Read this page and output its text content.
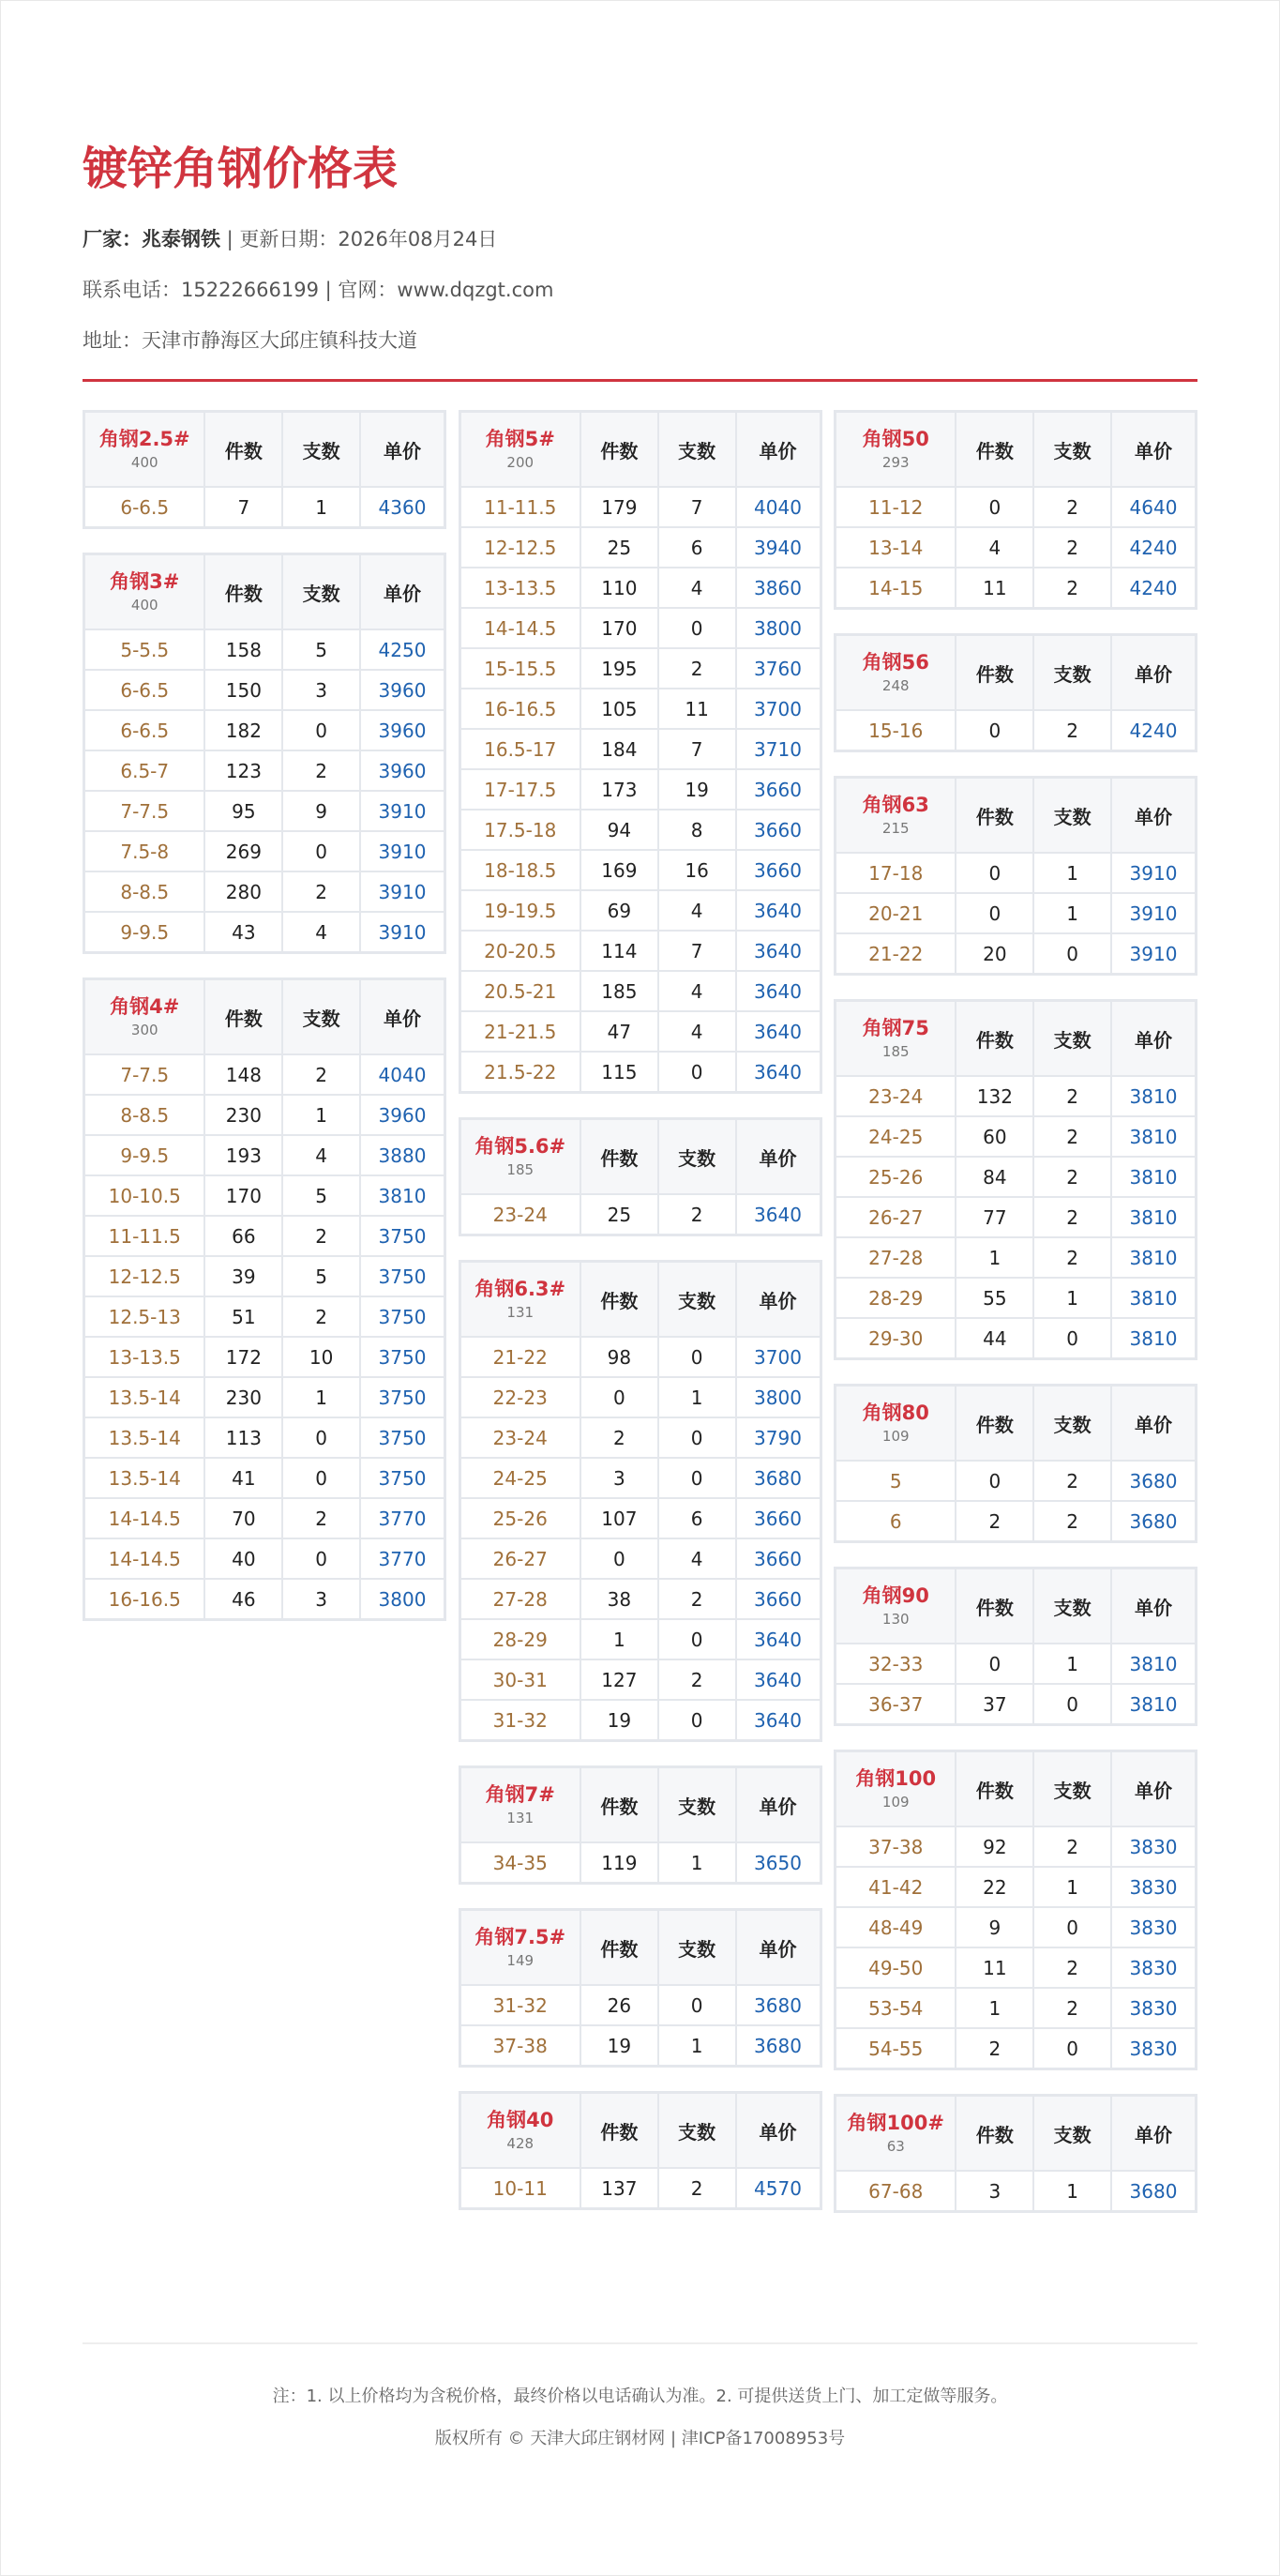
镀锌角钢价格表
厂家：兆泰钢铁 | 更新日期：2026年08月24日
联系电话：15222666199 | 官网：www.dqzgt.com
地址：天津市静海区大邱庄镇科技大道
角钢2.5#
400	件数	支数	单价
6-6.5	7	1	4360
角钢3#
400	件数	支数	单价
5-5.5	158	5	4250
6-6.5	150	3	3960
6-6.5	182	0	3960
6.5-7	123	2	3960
7-7.5	95	9	3910
7.5-8	269	0	3910
8-8.5	280	2	3910
9-9.5	43	4	3910
角钢4#
300	件数	支数	单价
7-7.5	148	2	4040
8-8.5	230	1	3960
9-9.5	193	4	3880
10-10.5	170	5	3810
11-11.5	66	2	3750
12-12.5	39	5	3750
12.5-13	51	2	3750
13-13.5	172	10	3750
13.5-14	230	1	3750
13.5-14	113	0	3750
13.5-14	41	0	3750
14-14.5	70	2	3770
14-14.5	40	0	3770
16-16.5	46	3	3800
角钢5#
200	件数	支数	单价
11-11.5	179	7	4040
12-12.5	25	6	3940
13-13.5	110	4	3860
14-14.5	170	0	3800
15-15.5	195	2	3760
16-16.5	105	11	3700
16.5-17	184	7	3710
17-17.5	173	19	3660
17.5-18	94	8	3660
18-18.5	169	16	3660
19-19.5	69	4	3640
20-20.5	114	7	3640
20.5-21	185	4	3640
21-21.5	47	4	3640
21.5-22	115	0	3640
角钢5.6#
185	件数	支数	单价
23-24	25	2	3640
角钢6.3#
131	件数	支数	单价
21-22	98	0	3700
22-23	0	1	3800
23-24	2	0	3790
24-25	3	0	3680
25-26	107	6	3660
26-27	0	4	3660
27-28	38	2	3660
28-29	1	0	3640
30-31	127	2	3640
31-32	19	0	3640
角钢7#
131	件数	支数	单价
34-35	119	1	3650
角钢7.5#
149	件数	支数	单价
31-32	26	0	3680
37-38	19	1	3680
角钢40
428	件数	支数	单价
10-11	137	2	4570
角钢50
293	件数	支数	单价
11-12	0	2	4640
13-14	4	2	4240
14-15	11	2	4240
角钢56
248	件数	支数	单价
15-16	0	2	4240
角钢63
215	件数	支数	单价
17-18	0	1	3910
20-21	0	1	3910
21-22	20	0	3910
角钢75
185	件数	支数	单价
23-24	132	2	3810
24-25	60	2	3810
25-26	84	2	3810
26-27	77	2	3810
27-28	1	2	3810
28-29	55	1	3810
29-30	44	0	3810
角钢80
109	件数	支数	单价
5	0	2	3680
6	2	2	3680
角钢90
130	件数	支数	单价
32-33	0	1	3810
36-37	37	0	3810
角钢100
109	件数	支数	单价
37-38	92	2	3830
41-42	22	1	3830
48-49	9	0	3830
49-50	11	2	3830
53-54	1	2	3830
54-55	2	0	3830
角钢100#
63	件数	支数	单价
67-68	3	1	3680
注：1. 以上价格均为含税价格，最终价格以电话确认为准。2. 可提供送货上门、加工定做等服务。
版权所有 © 天津大邱庄钢材网 | 津ICP备17008953号
